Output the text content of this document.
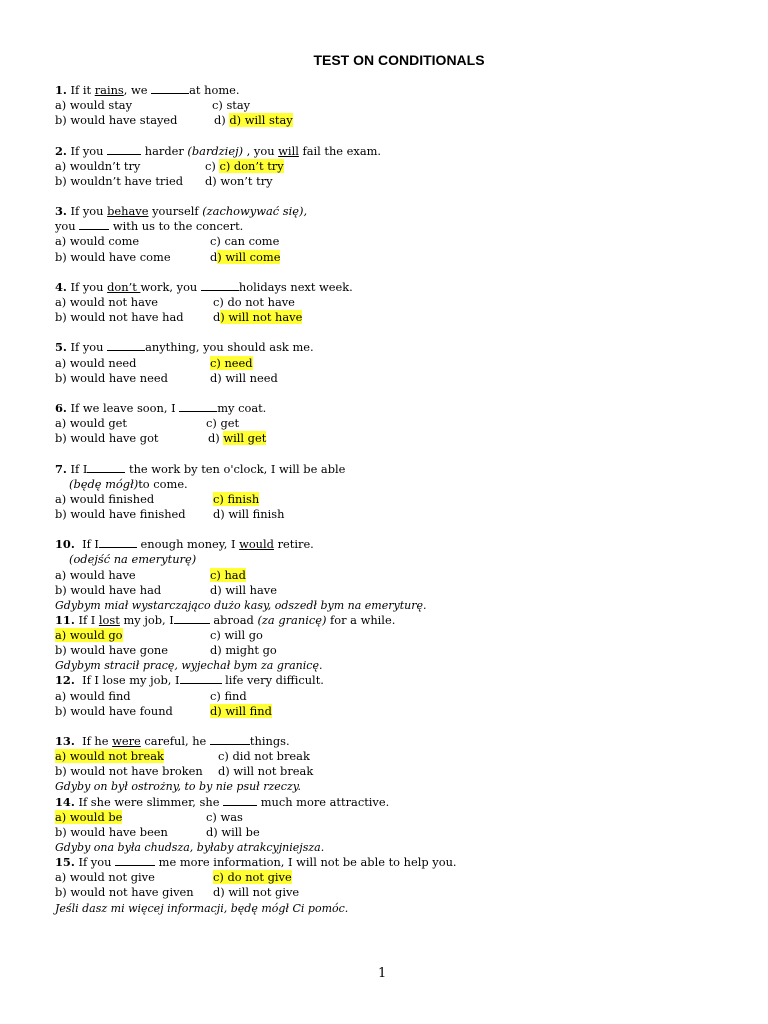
TEST ON CONDITIONALS
1. If it rains, we	at home.
a) would stay	c) stay
b) would have stayed	d) d) will stay
2. If you	harder (bardziej) , you will fail the exam.
a) wouldn’t try	c) c) don’t try
b) wouldn’t have tried d) won’t try
3. If you behave yourself (zachowywać się),
you	with us to the concert.
a) would come	c) can come
b) would have come	d) will come
4. If you don’t work, you	holidays next week.
a) would not have	c) do not have
b) would not have had	d) will not have
5. If you	anything, you should ask me.
a) would need	c) need
b) would have need	d) will need
6. If we leave soon, I	my coat.
a) would get	c) get
b) would have got	d) will get
7. If I	the work by ten o'clock, I will be able
(będę mógł)to come.
a) would finished	c) finish
b) would have finished d) will finish
10.  If I	enough money, I would retire.
(odejść na emeryturę)
a) would have	c) had
b) would have had	d) will have
Gdybym miał wystarczająco dużo kasy, odszedł bym na emeryturę.
11. If I lost my job, I	abroad (za granicę) for a while.
a) would go	c) will go
b) would have gone	d) might go
Gdybym stracił pracę, wyjechał bym za granicę.
12.  If I lose my job, I	life very difficult.
a) would find	c) find
b) would have found	d) will find
13.  If he were careful, he	things.
a) would not break	c) did not break
b) would not have broken d) will not break
Gdyby on był ostrożny, to by nie psuł rzeczy.
14. If she were slimmer, she	much more attractive.
a) would be	c) was
b) would have been	d) will be
Gdyby ona była chudsza, byłaby atrakcyjniejsza.
15. If you	me more information, I will not be able to help you.
a) would not give	c) do not give
b) would not have given d) will not give
Jeśli dasz mi więcej informacji, będę mógł Ci pomóc.
1
